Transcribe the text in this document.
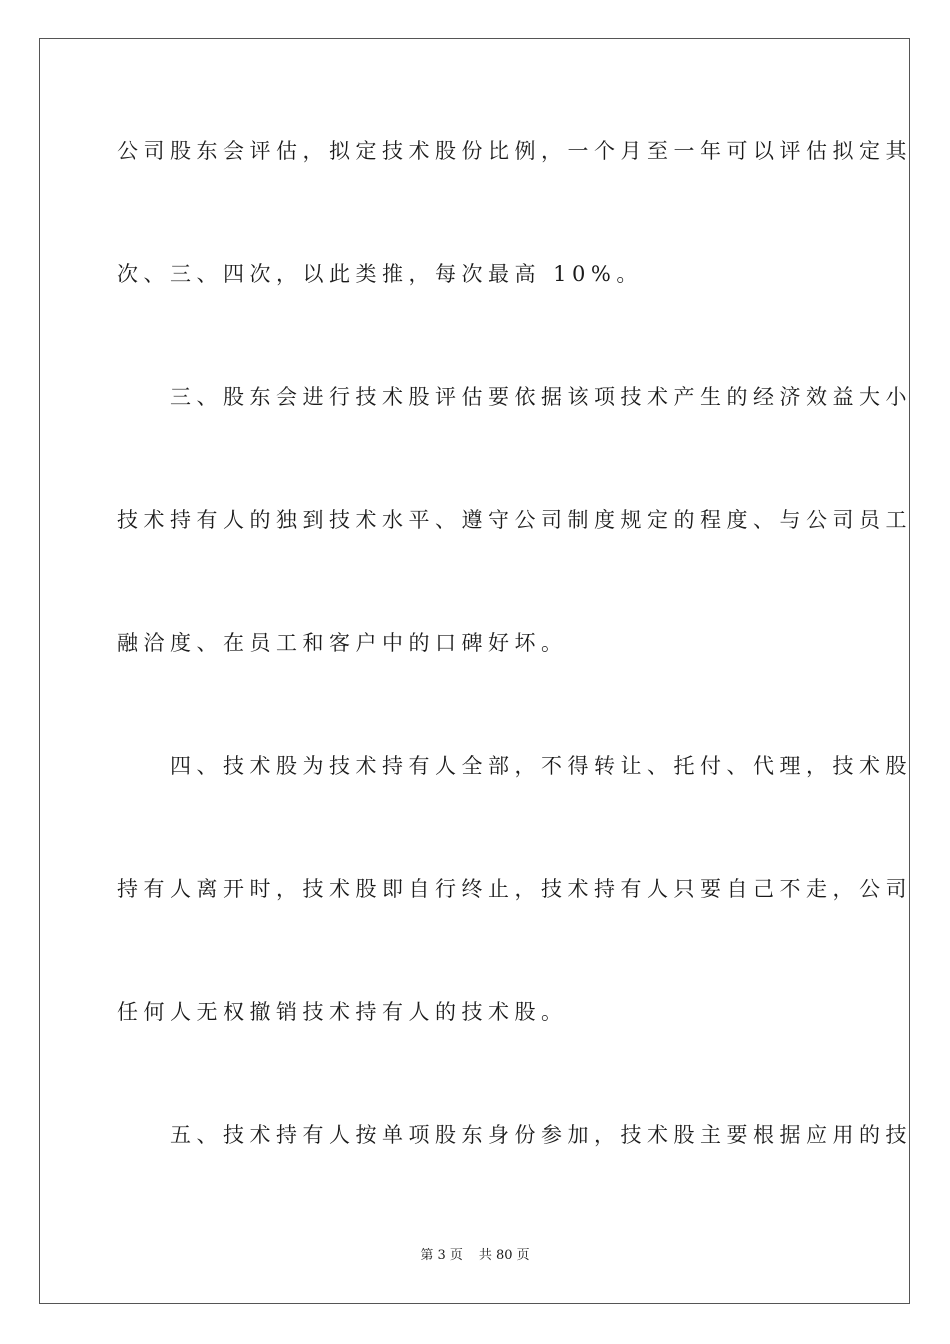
公司股东会评估，拟定技术股份比例，一个月至一年可以评估拟定其
次、三、四次，以此类推，每次最高 10%。
　　三、股东会进行技术股评估要依据该项技术产生的经济效益大小
技术持有人的独到技术水平、遵守公司制度规定的程度、与公司员工
融洽度、在员工和客户中的口碑好坏。
　　四、技术股为技术持有人全部，不得转让、托付、代理，技术股
持有人离开时，技术股即自行终止，技术持有人只要自己不走，公司
任何人无权撤销技术持有人的技术股。
　　五、技术持有人按单项股东身份参加，技术股主要根据应用的技
第 3 页 共 80 页
